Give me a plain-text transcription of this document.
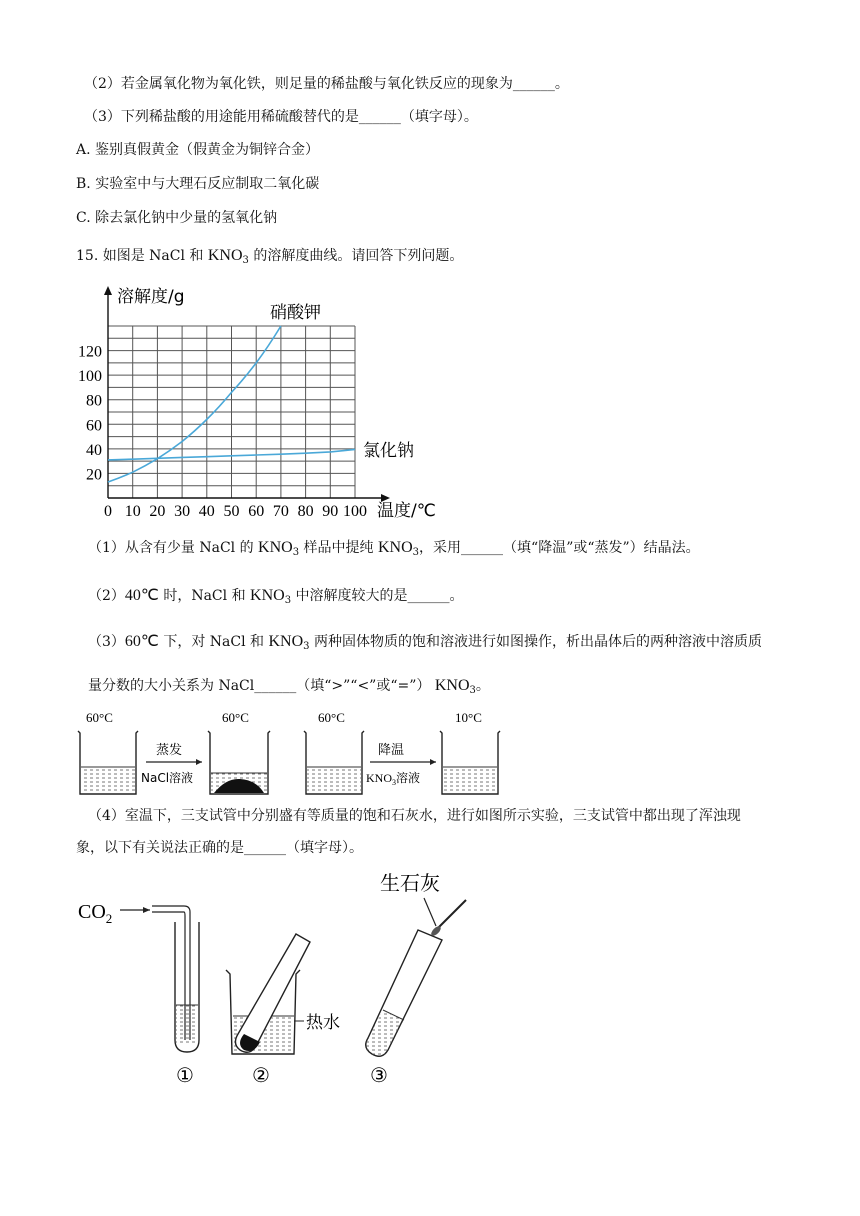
（2）若金属氧化物为氧化铁，则足量的稀盐酸与氧化铁反应的现象为______。
（3）下列稀盐酸的用途能用稀硫酸替代的是______（填字母）。
A. 鉴别真假黄金（假黄金为铜锌合金）
B. 实验室中与大理石反应制取二氧化碳
C. 除去氯化钠中少量的氢氧化钠
15. 如图是 NaCl 和 $KNO_3$ 的溶解度曲线。请回答下列问题。
溶解度/g
温度/℃
0 10 20 30 40 50 60 70 80 90 100
20
40
60
80
100
120
硝酸钾
氯化钠
（1）从含有少量 NaCl 的 $KNO_3$ 样品中提纯 $KNO_3$，采用______（填“降温”或“蒸发”）结晶法。
（2）40℃ 时，NaCl 和 $KNO_3$ 中溶解度较大的是______。
（3）60℃ 下，对 NaCl 和 $KNO_3$ 两种固体物质的饱和溶液进行如图操作，析出晶体后的两种溶液中溶质质
量分数的大小关系为 NaCl______（填“>”“<”或“=”） $KNO_3$。
60°C
蒸发
NaCl溶液
60°C	60°C
降温
$KNO_3$溶液
10°C
（4）室温下，三支试管中分别盛有等质量的饱和石灰水，进行如图所示实验，三支试管中都出现了浑浊现
象，以下有关说法正确的是______（填字母）。
$CO_2$
①
热水
②
生石灰
③
